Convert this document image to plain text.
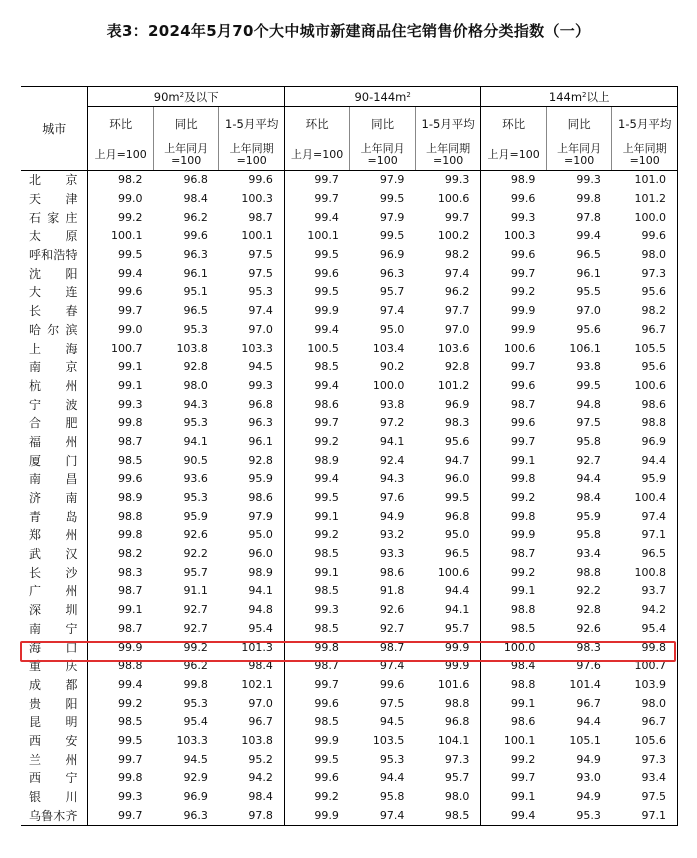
表3：2024年5月70个大中城市新建商品住宅销售价格分类指数（一）
城市	$90m^2$及以下			$90-144m^2$			$144m^2$以上		
	环比	同比	1-5月平均	环比	同比	1-5月平均	环比	同比	1-5月平均
	上月=100	上年同月=100	上年同期=100	上月=100	上年同月=100	上年同期=100	上月=100	上年同月=100	上年同期=100
北京	98.2	96.8	99.6	99.7	97.9	99.3	98.9	99.3	101.0
天津	99.0	98.4	100.3	99.7	99.5	100.6	99.6	99.8	101.2
石家庄	99.2	96.2	98.7	99.4	97.9	99.7	99.3	97.8	100.0
太原	100.1	99.6	100.1	100.1	99.5	100.2	100.3	99.4	99.6
呼和浩特	99.5	96.3	97.5	99.5	96.9	98.2	99.6	96.5	98.0
沈阳	99.4	96.1	97.5	99.6	96.3	97.4	99.7	96.1	97.3
大连	99.6	95.1	95.3	99.5	95.7	96.2	99.2	95.5	95.6
长春	99.7	96.5	97.4	99.9	97.4	97.7	99.9	97.0	98.2
哈尔滨	99.0	95.3	97.0	99.4	95.0	97.0	99.9	95.6	96.7
上海	100.7	103.8	103.3	100.5	103.4	103.6	100.6	106.1	105.5
南京	99.1	92.8	94.5	98.5	90.2	92.8	99.7	93.8	95.6
杭州	99.1	98.0	99.3	99.4	100.0	101.2	99.6	99.5	100.6
宁波	99.3	94.3	96.8	98.6	93.8	96.9	98.7	94.8	98.6
合肥	99.8	95.3	96.3	99.7	97.2	98.3	99.6	97.5	98.8
福州	98.7	94.1	96.1	99.2	94.1	95.6	99.7	95.8	96.9
厦门	98.5	90.5	92.8	98.9	92.4	94.7	99.1	92.7	94.4
南昌	99.6	93.6	95.9	99.4	94.3	96.0	99.8	94.4	95.9
济南	98.9	95.3	98.6	99.5	97.6	99.5	99.2	98.4	100.4
青岛	98.8	95.9	97.9	99.1	94.9	96.8	99.8	95.9	97.4
郑州	99.8	92.6	95.0	99.2	93.2	95.0	99.9	95.8	97.1
武汉	98.2	92.2	96.0	98.5	93.3	96.5	98.7	93.4	96.5
长沙	98.3	95.7	98.9	99.1	98.6	100.6	99.2	98.8	100.8
广州	98.7	91.1	94.1	98.5	91.8	94.4	99.1	92.2	93.7
深圳	99.1	92.7	94.8	99.3	92.6	94.1	98.8	92.8	94.2
南宁	98.7	92.7	95.4	98.5	92.7	95.7	98.5	92.6	95.4
海口	99.9	99.2	101.3	99.8	98.7	99.9	100.0	98.3	99.8
重庆	98.8	96.2	98.4	98.7	97.4	99.9	98.4	97.6	100.7
成都	99.4	99.8	102.1	99.7	99.6	101.6	98.8	101.4	103.9
贵阳	99.2	95.3	97.0	99.6	97.5	98.8	99.1	96.7	98.0
昆明	98.5	95.4	96.7	98.5	94.5	96.8	98.6	94.4	96.7
西安	99.5	103.3	103.8	99.9	103.5	104.1	100.1	105.1	105.6
兰州	99.7	94.5	95.2	99.5	95.3	97.3	99.2	94.9	97.3
西宁	99.8	92.9	94.2	99.6	94.4	95.7	99.7	93.0	93.4
银川	99.3	96.9	98.4	99.2	95.8	98.0	99.1	94.9	97.5
乌鲁木齐	99.7	96.3	97.8	99.9	97.4	98.5	99.4	95.3	97.1
